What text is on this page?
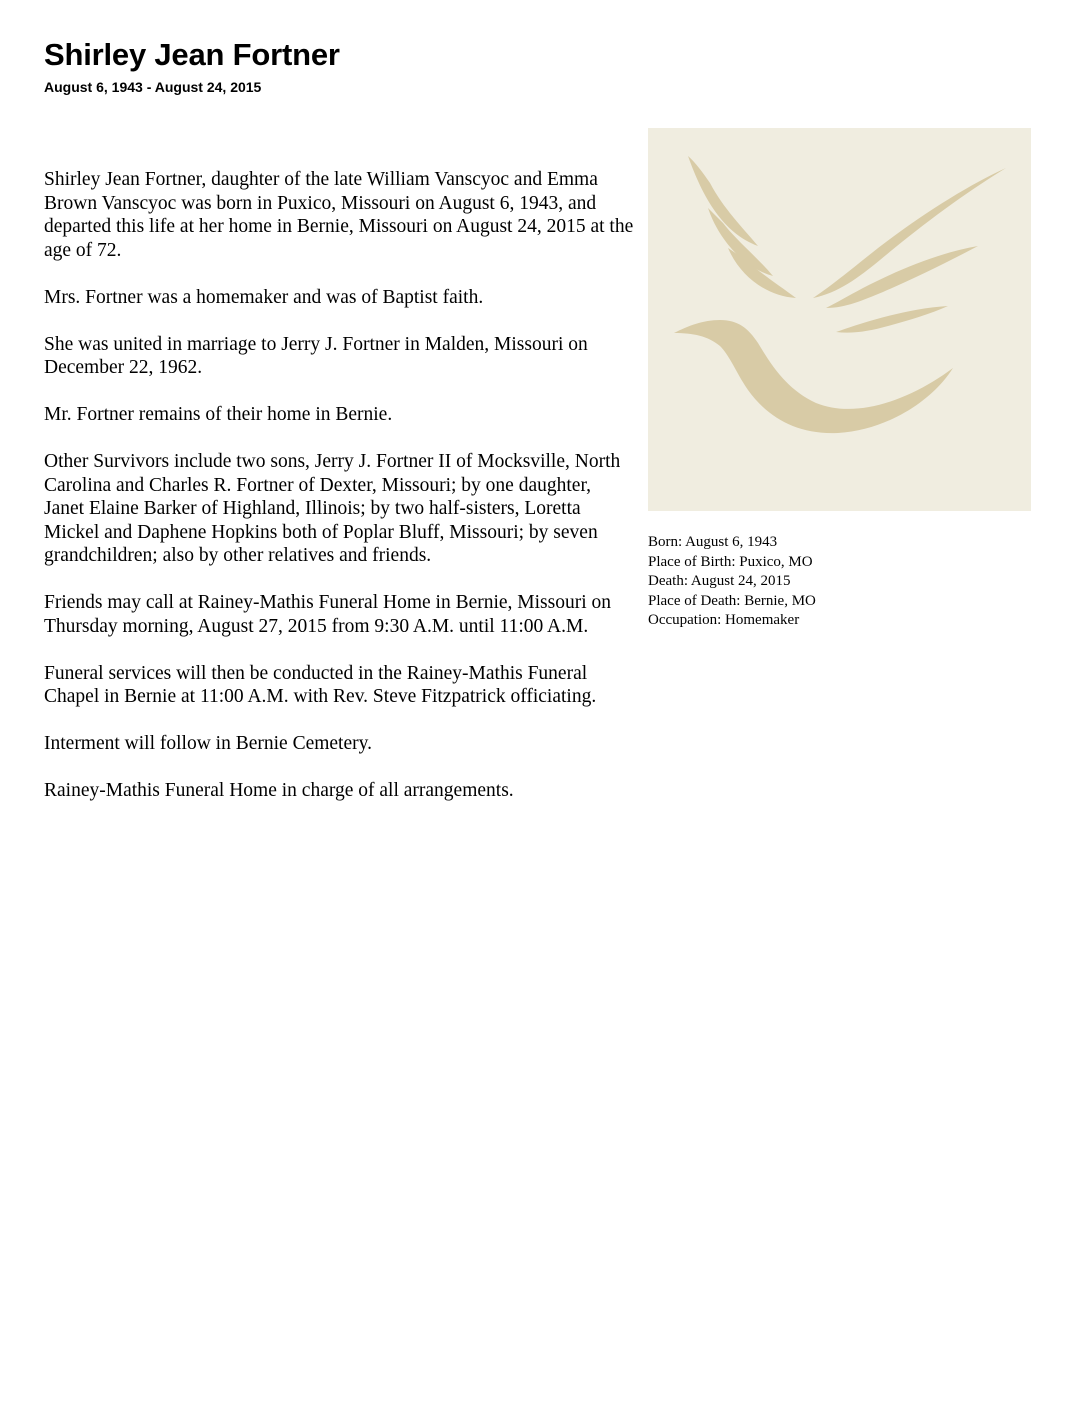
Shirley Jean Fortner
August 6, 1943 - August 24, 2015

Shirley Jean Fortner, daughter of the late William Vanscyoc and Emma Brown Vanscyoc was born in Puxico, Missouri on August 6, 1943, and departed this life at her home in Bernie, Missouri on August 24, 2015 at the age of 72.

Mrs. Fortner was a homemaker and was of Baptist faith.

She was united in marriage to Jerry J. Fortner in Malden, Missouri on December 22, 1962.

Mr. Fortner remains of their home in Bernie.

Other Survivors include two sons, Jerry J. Fortner II of Mocksville, North Carolina and Charles R. Fortner of Dexter, Missouri; by one daughter, Janet Elaine Barker of Highland, Illinois; by two half-sisters, Loretta Mickel and Daphene Hopkins both of Poplar Bluff, Missouri; by seven grandchildren; also by other relatives and friends.

Friends may call at Rainey-Mathis Funeral Home in Bernie, Missouri on Thursday morning, August 27, 2015 from 9:30 A.M. until 11:00 A.M.

Funeral services will then be conducted in the Rainey-Mathis Funeral Chapel in Bernie at 11:00 A.M. with Rev. Steve Fitzpatrick officiating.

Interment will follow in Bernie Cemetery.

Rainey-Mathis Funeral Home in charge of all arrangements.

Born: August 6, 1943
Place of Birth: Puxico, MO
Death: August 24, 2015
Place of Death: Bernie, MO
Occupation: Homemaker
